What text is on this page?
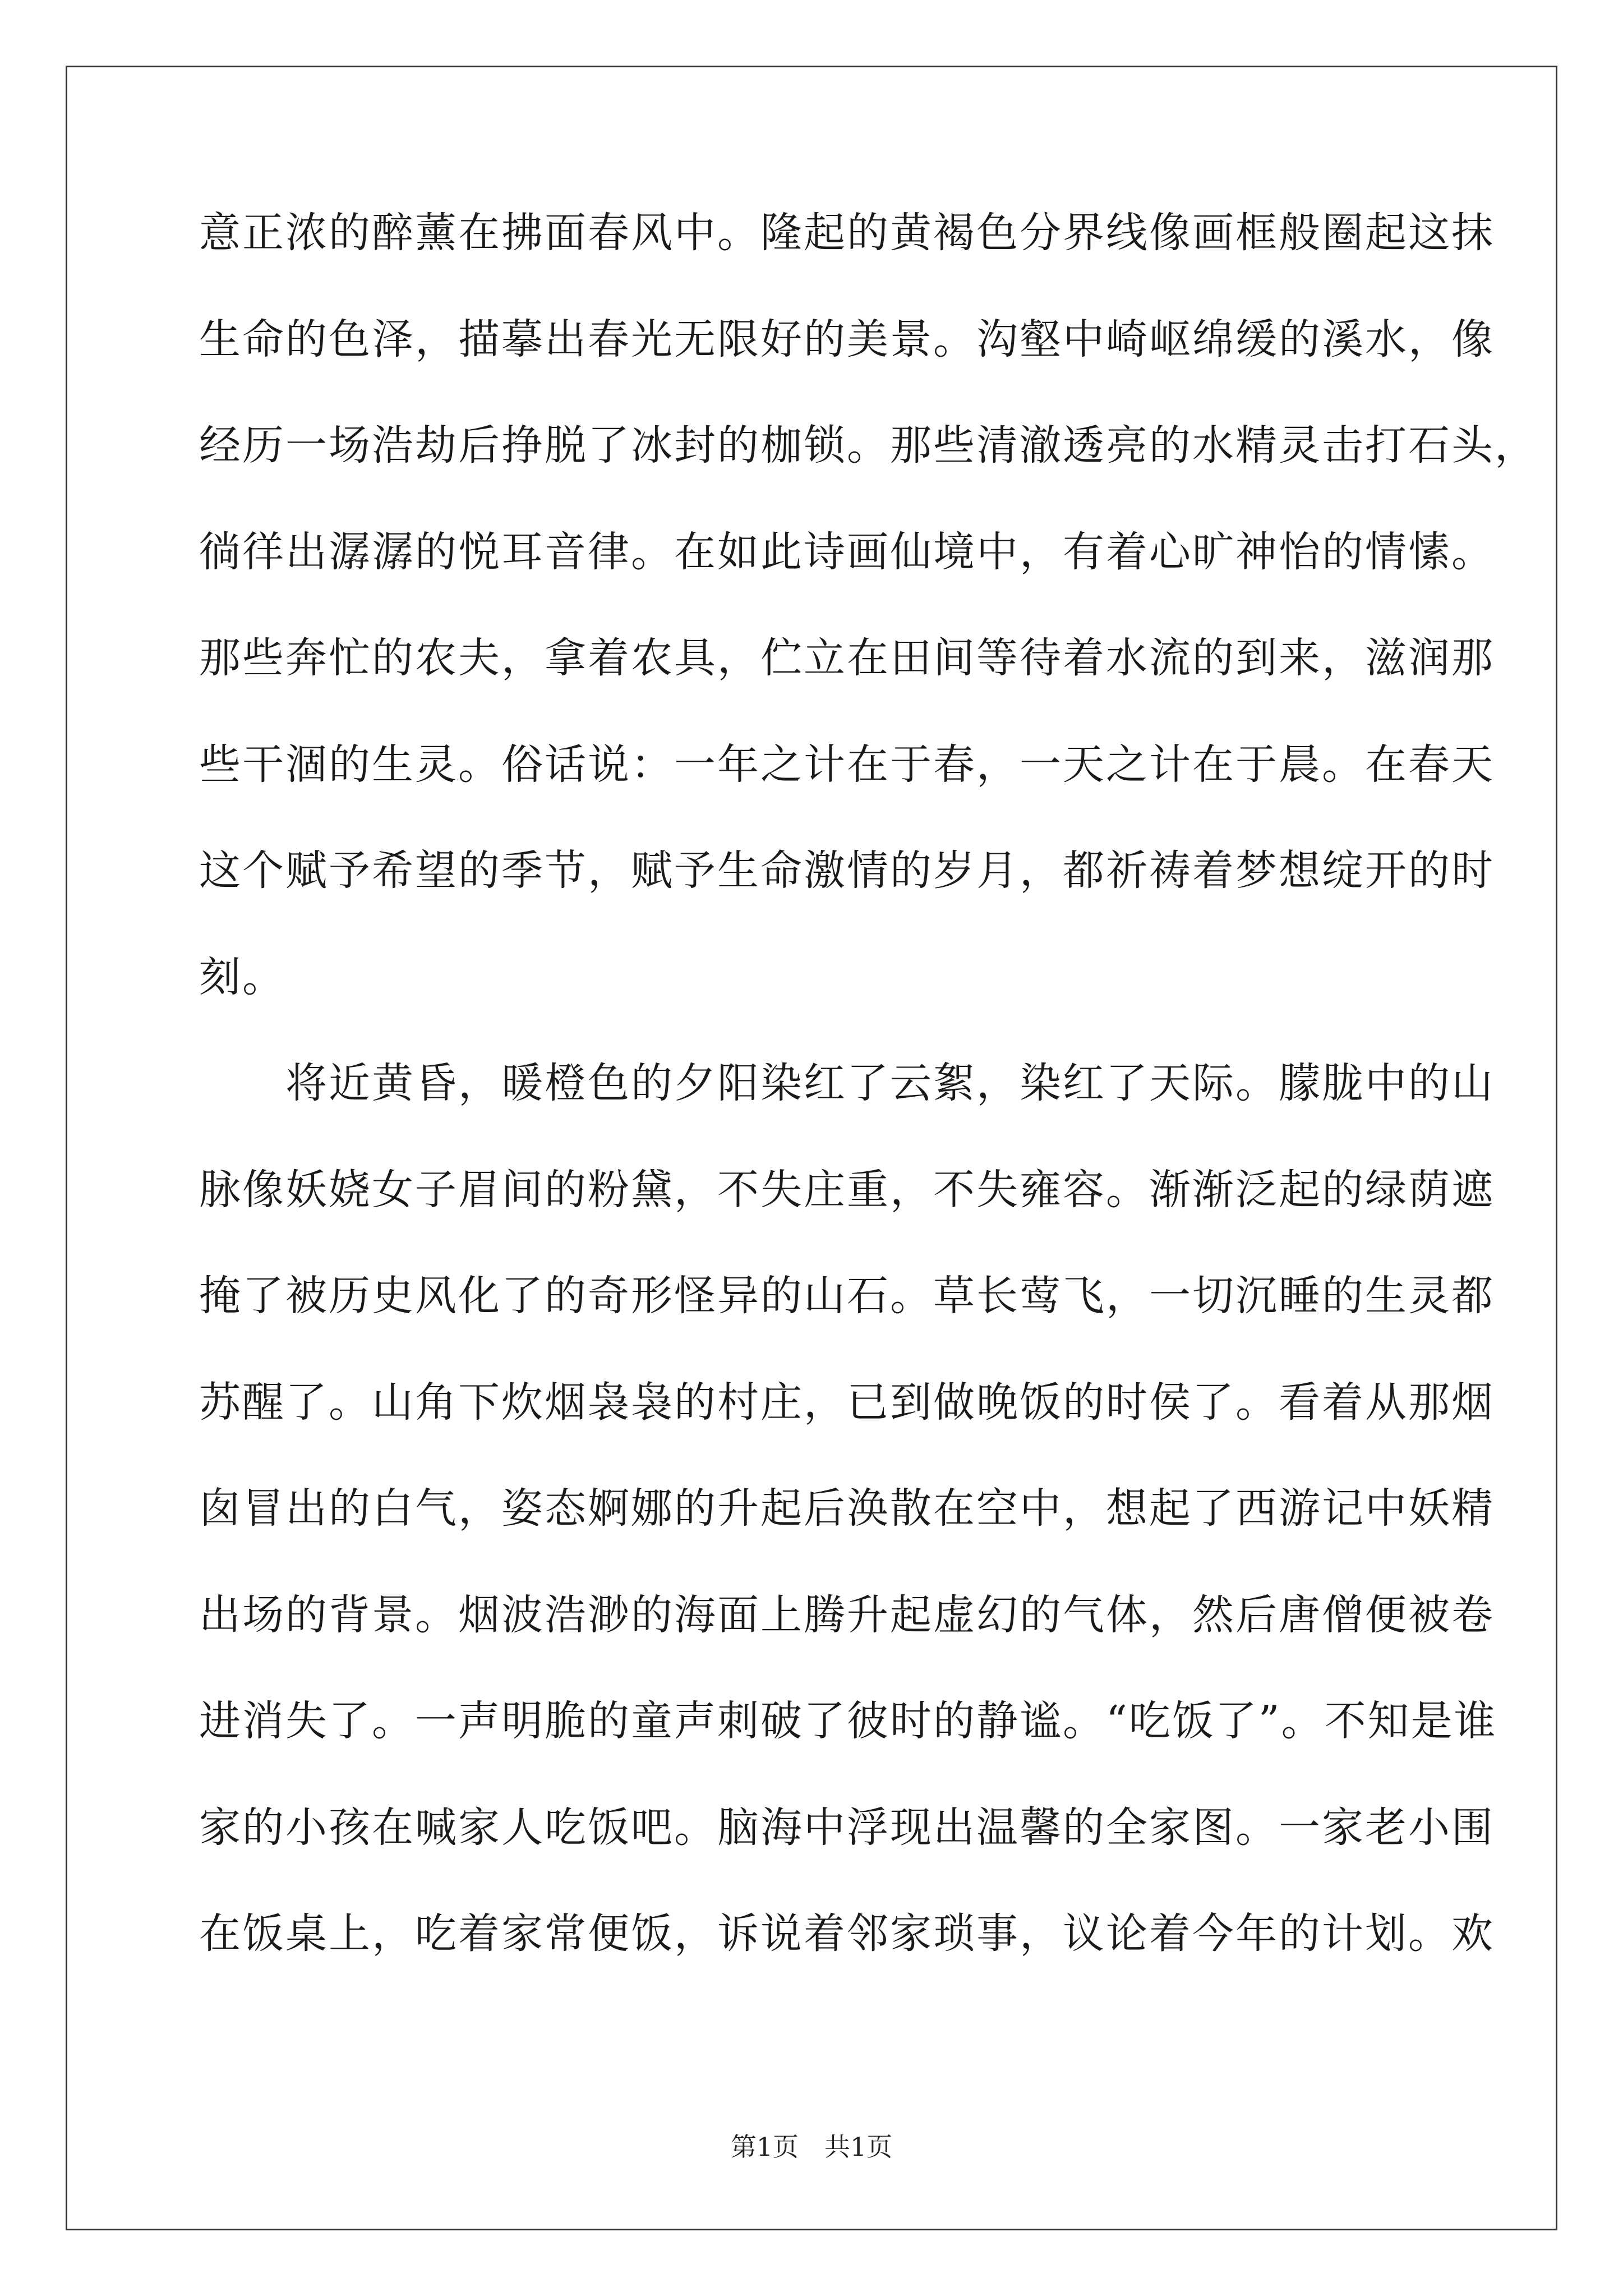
意正浓的醉薰在拂面春风中。隆起的黄褐色分界线像画框般圈起这抹
生命的色泽，描摹出春光无限好的美景。沟壑中崎岖绵缓的溪水，像
经历一场浩劫后挣脱了冰封的枷锁。那些清澈透亮的水精灵击打石头，
徜徉出潺潺的悦耳音律。在如此诗画仙境中，有着心旷神怡的情愫。
那些奔忙的农夫，拿着农具，伫立在田间等待着水流的到来，滋润那
些干涸的生灵。俗话说：一年之计在于春，一天之计在于晨。在春天
这个赋予希望的季节，赋予生命激情的岁月，都祈祷着梦想绽开的时
刻。
　　将近黄昏，暖橙色的夕阳染红了云絮，染红了天际。朦胧中的山
脉像妖娆女子眉间的粉黛，不失庄重，不失雍容。渐渐泛起的绿荫遮
掩了被历史风化了的奇形怪异的山石。草长莺飞，一切沉睡的生灵都
苏醒了。山角下炊烟袅袅的村庄，已到做晚饭的时侯了。看着从那烟
囱冒出的白气，姿态婀娜的升起后涣散在空中，想起了西游记中妖精
出场的背景。烟波浩渺的海面上腾升起虚幻的气体，然后唐僧便被卷
进消失了。一声明脆的童声刺破了彼时的静谧。“吃饭了”。不知是谁
家的小孩在喊家人吃饭吧。脑海中浮现出温馨的全家图。一家老小围
在饭桌上，吃着家常便饭，诉说着邻家琐事，议论着今年的计划。欢
第1页　共1页
